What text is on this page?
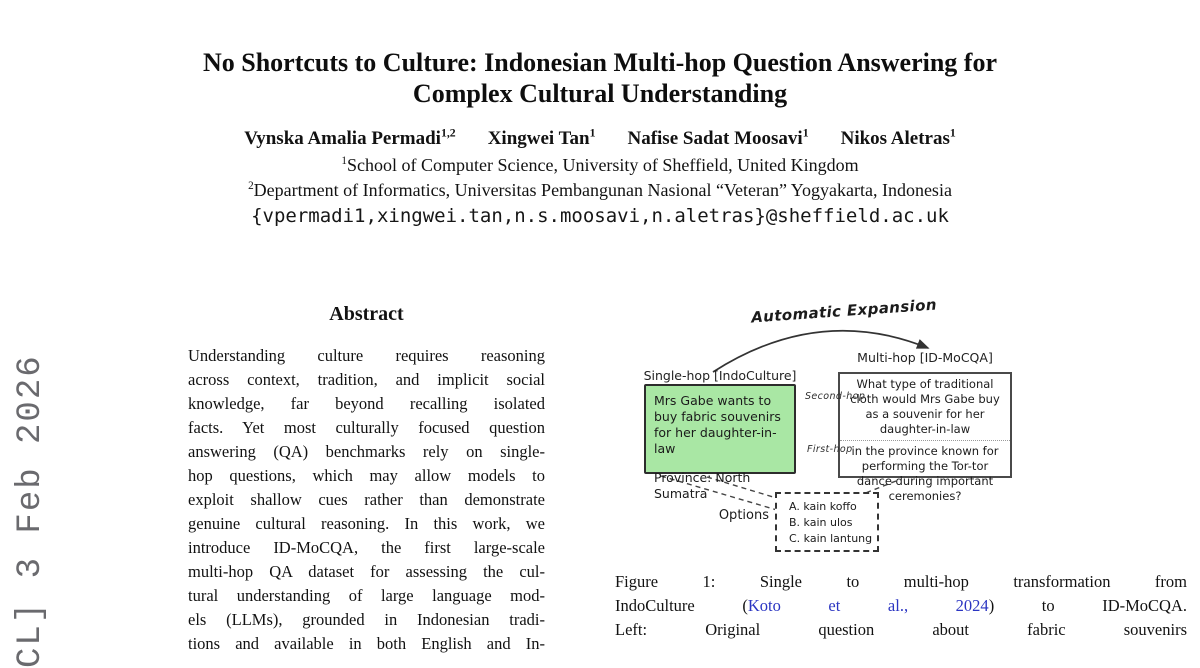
CL] 3 Feb 2026
No Shortcuts to Culture: Indonesian Multi-hop Question Answering for
Complex Cultural Understanding
Vynska Amalia Permadi$^{1,2}$ Xingwei Tan$^1$ Nafise Sadat Moosavi$^1$ Nikos Aletras$^1$
$^1$School of Computer Science, University of Sheffield, United Kingdom
$^2$Department of Informatics, Universitas Pembangunan Nasional “Veteran” Yogyakarta, Indonesia
{vpermadi1,xingwei.tan,n.s.moosavi,n.aletras}@sheffield.ac.uk
Abstract
Understanding culture requires reasoning
across context, tradition, and implicit social
knowledge, far beyond recalling isolated
facts. Yet most culturally focused question
answering (QA) benchmarks rely on single-
hop questions, which may allow models to
exploit shallow cues rather than demonstrate
genuine cultural reasoning. In this work, we
introduce ID-MoCQA, the first large-scale
multi-hop QA dataset for assessing the cul-
tural understanding of large language mod-
els (LLMs), grounded in Indonesian tradi-
tions and available in both English and In-
Automatic Expansion
Single-hop [IndoCulture]
Mrs Gabe wants to buy fabric souvenirs for her daughter-in-law
Province: North Sumatra
Multi-hop [ID-MoCQA]
What type of traditional cloth would Mrs Gabe buy as a souvenir for her daughter-in-law
in the province known for performing the Tor-tor dance during important ceremonies?
Second-hop
First-hop
Options
A. kain koffo
B. kain ulos
C. kain lantung
Figure 1: Single to multi-hop transformation from
IndoCulture (Koto et al., 2024) to ID-MoCQA.
Left: Original question about fabric souvenirs
